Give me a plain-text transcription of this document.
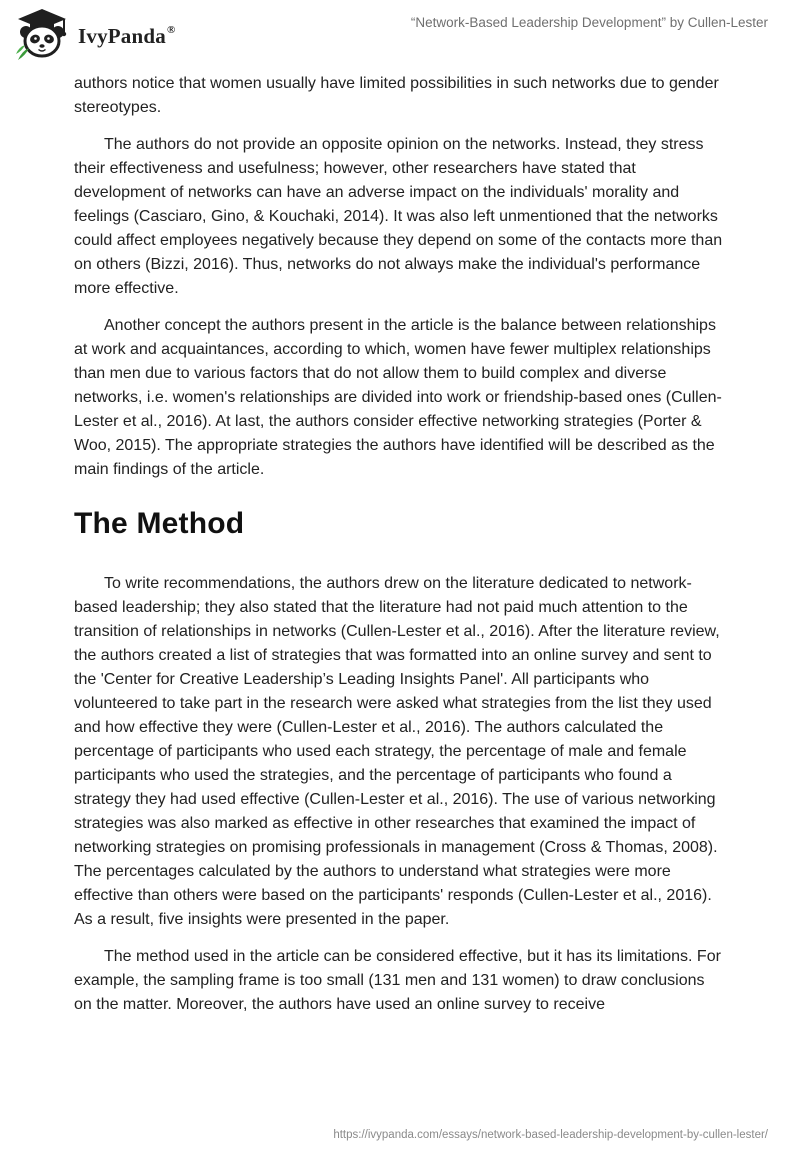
IvyPanda®	“Network-Based Leadership Development” by Cullen-Lester

authors notice that women usually have limited possibilities in such networks due to gender stereotypes.

The authors do not provide an opposite opinion on the networks. Instead, they stress their effectiveness and usefulness; however, other researchers have stated that development of networks can have an adverse impact on the individuals' morality and feelings (Casciaro, Gino, & Kouchaki, 2014). It was also left unmentioned that the networks could affect employees negatively because they depend on some of the contacts more than on others (Bizzi, 2016). Thus, networks do not always make the individual's performance more effective.

Another concept the authors present in the article is the balance between relationships at work and acquaintances, according to which, women have fewer multiplex relationships than men due to various factors that do not allow them to build complex and diverse networks, i.e. women's relationships are divided into work or friendship-based ones (Cullen-Lester et al., 2016). At last, the authors consider effective networking strategies (Porter & Woo, 2015). The appropriate strategies the authors have identified will be described as the main findings of the article.

The Method

To write recommendations, the authors drew on the literature dedicated to network-based leadership; they also stated that the literature had not paid much attention to the transition of relationships in networks (Cullen-Lester et al., 2016). After the literature review, the authors created a list of strategies that was formatted into an online survey and sent to the 'Center for Creative Leadership’s Leading Insights Panel'. All participants who volunteered to take part in the research were asked what strategies from the list they used and how effective they were (Cullen-Lester et al., 2016). The authors calculated the percentage of participants who used each strategy, the percentage of male and female participants who used the strategies, and the percentage of participants who found a strategy they had used effective (Cullen-Lester et al., 2016). The use of various networking strategies was also marked as effective in other researches that examined the impact of networking strategies on promising professionals in management (Cross & Thomas, 2008). The percentages calculated by the authors to understand what strategies were more effective than others were based on the participants' responds (Cullen-Lester et al., 2016). As a result, five insights were presented in the paper.

The method used in the article can be considered effective, but it has its limitations. For example, the sampling frame is too small (131 men and 131 women) to draw conclusions on the matter. Moreover, the authors have used an online survey to receive

https://ivypanda.com/essays/network-based-leadership-development-by-cullen-lester/
